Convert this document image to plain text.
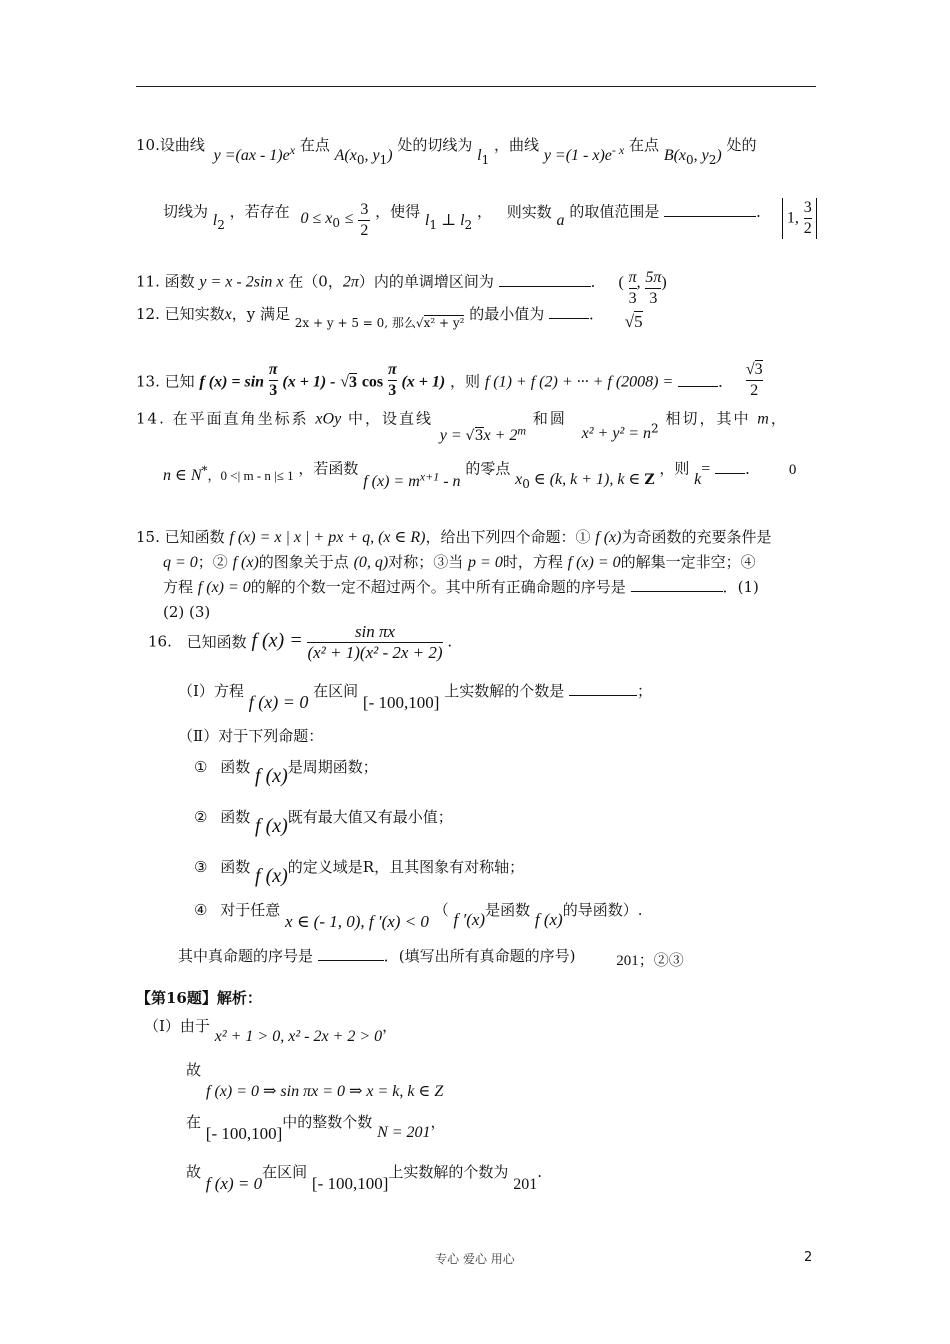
10.设曲线 $y =(ax - 1)e^x$ 在点 $A(x_0$, $y_1$) 处的切线为 $l_1$ ，曲线 $y =(1 - x)e^{- x}$ 在点 $B(x_0$, $y_2$) 处的
切线为 $l_2$ ，若存在 $0 \le x_0 \le \frac{3}{2}$ ，使得 $l_1$ ⊥ $l_2$ ， 则实数 a 的取值范围是	． 1, $\frac{3}{2}$
11. 函数 y = x - 2sin x 在（0，2π）内的单调增区间为	． ( $\frac{\pi}{3}$ , $\frac{5\pi}{3}$ )
12. 已知实数x，y 满足 $_{2x + y + 5 = 0, 那么√x^2 + y^2}$ 的最小值为	． √5
13. 已知 f $(x) = \sin \frac{\pi}{3} (x + 1) - √3$ $\cos \frac{\pi}{3} (x + 1)$ ，则 f (1) + f (2) + ··· + f (2008) =	． $\frac{√3}{2}$
14. 在平面直角坐标系 xOy 中，设直线 $y = √3x + 2^m$ 和圆 $x^2 + y^2 = n^2$ 相切，其中 m，
n ∈ N*，0 <| m - n |≤ 1 ，若函数 f $(x) = m^{x+1} - n$ 的零点 $x_0$ ∈ (k, k + 1), k ∈ Z ，则 k= ． 0
15. 已知函数 f (x) = x | x | + px + q, (x ∈ R)，给出下列四个命题：① f (x)为奇函数的充要条件是
q = 0；② f (x)的图象关于点 (0, q)对称；③当 p = 0时，方程 f (x) = 0的解集一定非空；④
方程 f (x) = 0的解的个数一定不超过两个。其中所有正确命题的序号是	．(1)
(2) (3)
16. 已知函数 f $(x) = \frac{\text{sin πx}}{\text{(x² + 1)(x² - 2x + 2)}}$ .
（Ⅰ）方程 f (x) = 0 在区间 [- 100,100] 上实数解的个数是	；
（Ⅱ）对于下列命题：
① 函数 f (x)是周期函数；
② 函数 f (x)既有最大值又有最小值；
③ 函数 f (x)的定义域是R，且其图象有对称轴；
④ 对于任意 x ∈ (- 1, 0), f ′(x) < 0 （ f ′(x)是函数 f (x)的导函数）.
其中真命题的序号是	．(填写出所有真命题的序号)	201；②③
【第16题】解析：
（Ⅰ）由于 x² + 1 > 0, x² - 2x + 2 > 0，
故
f (x) = 0 ⇒ sin πx = 0 ⇒ x = k, k ∈ Z
在 [- 100,100]中的整数个数 N = 201，
故 f (x) = 0在区间 [- 100,100]上实数解的个数为 201.
专心 爱心 用心	2
